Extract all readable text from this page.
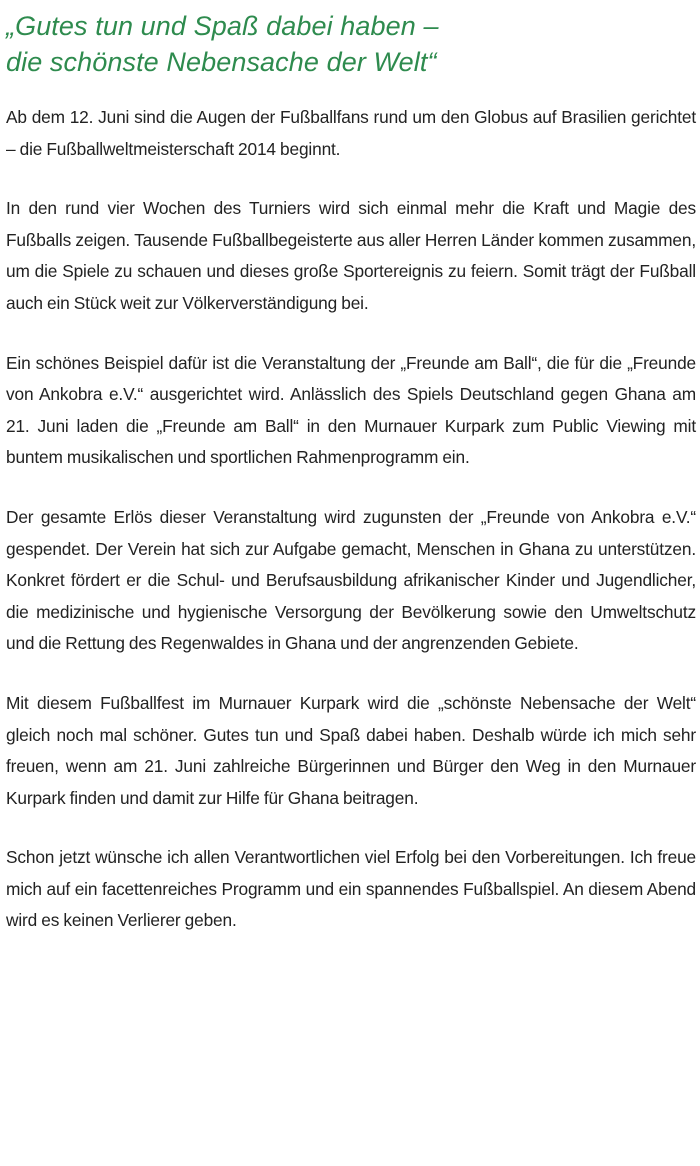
„Gutes tun und Spaß dabei haben –
die schönste Nebensache der Welt“

Ab dem 12. Juni sind die Augen der Fußballfans rund um den Globus auf Brasilien gerichtet – die Fußballweltmeisterschaft 2014 beginnt.

In den rund vier Wochen des Turniers wird sich einmal mehr die Kraft und Magie des Fußballs zeigen. Tausende Fußballbegeisterte aus aller Herren Länder kommen zusammen, um die Spiele zu schauen und dieses große Sportereignis zu feiern. Somit trägt der Fußball auch ein Stück weit zur Völkerverständigung bei.

Ein schönes Beispiel dafür ist die Veranstaltung der „Freunde am Ball“, die für die „Freunde von Ankobra e.V.“ ausgerichtet wird. Anlässlich des Spiels Deutschland gegen Ghana am 21. Juni laden die „Freunde am Ball“ in den Murnauer Kurpark zum Public Viewing mit buntem musikalischen und sportlichen Rahmenprogramm ein.

Der gesamte Erlös dieser Veranstaltung wird zugunsten der „Freunde von Ankobra e.V.“ gespendet. Der Verein hat sich zur Aufgabe gemacht, Menschen in Ghana zu unterstützen. Konkret fördert er die Schul- und Berufsausbildung afrikanischer Kinder und Jugendlicher, die medizinische und hygienische Versorgung der Bevölkerung sowie den Umweltschutz und die Rettung des Regenwaldes in Ghana und der angrenzenden Gebiete.

Mit diesem Fußballfest im Murnauer Kurpark wird die „schönste Nebensache der Welt“ gleich noch mal schöner. Gutes tun und Spaß dabei haben. Deshalb würde ich mich sehr freuen, wenn am 21. Juni zahlreiche Bürgerinnen und Bürger den Weg in den Murnauer Kurpark finden und damit zur Hilfe für Ghana beitragen.

Schon jetzt wünsche ich allen Verantwortlichen viel Erfolg bei den Vorbereitungen. Ich freue mich auf ein facettenreiches Programm und ein spannendes Fußballspiel. An diesem Abend wird es keinen Verlierer geben.
